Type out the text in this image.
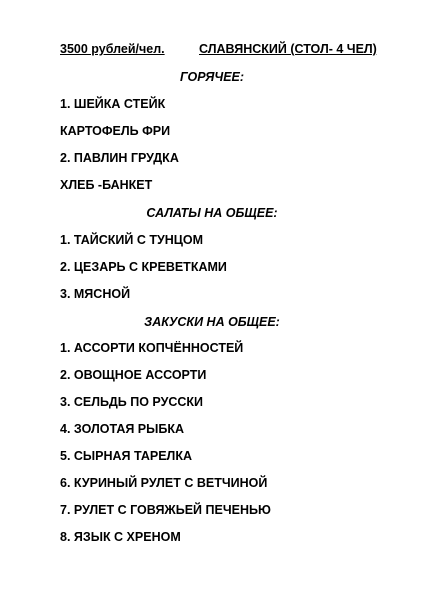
3500 рублей/чел.	СЛАВЯНСКИЙ (СТОЛ- 4 ЧЕЛ)
ГОРЯЧЕЕ:
1. ШЕЙКА СТЕЙК
КАРТОФЕЛЬ ФРИ
2. ПАВЛИН ГРУДКА
ХЛЕБ -БАНКЕТ
САЛАТЫ НА ОБЩЕЕ:
1. ТАЙСКИЙ С ТУНЦОМ
2. ЦЕЗАРЬ С КРЕВЕТКАМИ
3. МЯСНОЙ
ЗАКУСКИ НА ОБЩЕЕ:
1. АССОРТИ КОПЧЁННОСТЕЙ
2. ОВОЩНОЕ АССОРТИ
3. СЕЛЬДЬ ПО РУССКИ
4. ЗОЛОТАЯ РЫБКА
5. СЫРНАЯ ТАРЕЛКА
6. КУРИНЫЙ РУЛЕТ С ВЕТЧИНОЙ
7. РУЛЕТ С ГОВЯЖЬЕЙ ПЕЧЕНЬЮ
8. ЯЗЫК С ХРЕНОМ
